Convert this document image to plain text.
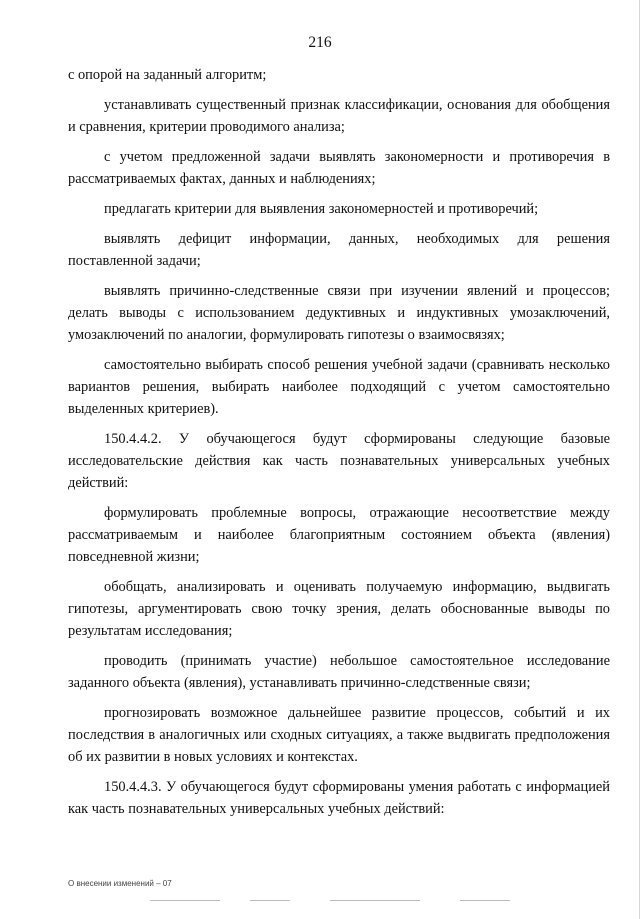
216

с опорой на заданный алгоритм;

устанавливать существенный признак классификации, основания для обобщения и сравнения, критерии проводимого анализа;

с учетом предложенной задачи выявлять закономерности и противоречия в рассматриваемых фактах, данных и наблюдениях;

предлагать критерии для выявления закономерностей и противоречий;

выявлять дефицит информации, данных, необходимых для решения поставленной задачи;

выявлять причинно-следственные связи при изучении явлений и процессов; делать выводы с использованием дедуктивных и индуктивных умозаключений, умозаключений по аналогии, формулировать гипотезы о взаимосвязях;

самостоятельно выбирать способ решения учебной задачи (сравнивать несколько вариантов решения, выбирать наиболее подходящий с учетом самостоятельно выделенных критериев).

150.4.4.2. У обучающегося будут сформированы следующие базовые исследовательские действия как часть познавательных универсальных учебных действий:

формулировать проблемные вопросы, отражающие несоответствие между рассматриваемым и наиболее благоприятным состоянием объекта (явления) повседневной жизни;

обобщать, анализировать и оценивать получаемую информацию, выдвигать гипотезы, аргументировать свою точку зрения, делать обоснованные выводы по результатам исследования;

проводить (принимать участие) небольшое самостоятельное исследование заданного объекта (явления), устанавливать причинно-следственные связи;

прогнозировать возможное дальнейшее развитие процессов, событий и их последствия в аналогичных или сходных ситуациях, а также выдвигать предположения об их развитии в новых условиях и контекстах.

150.4.4.3. У обучающегося будут сформированы умения работать с информацией как часть познавательных универсальных учебных действий:

О внесении изменений – 07
